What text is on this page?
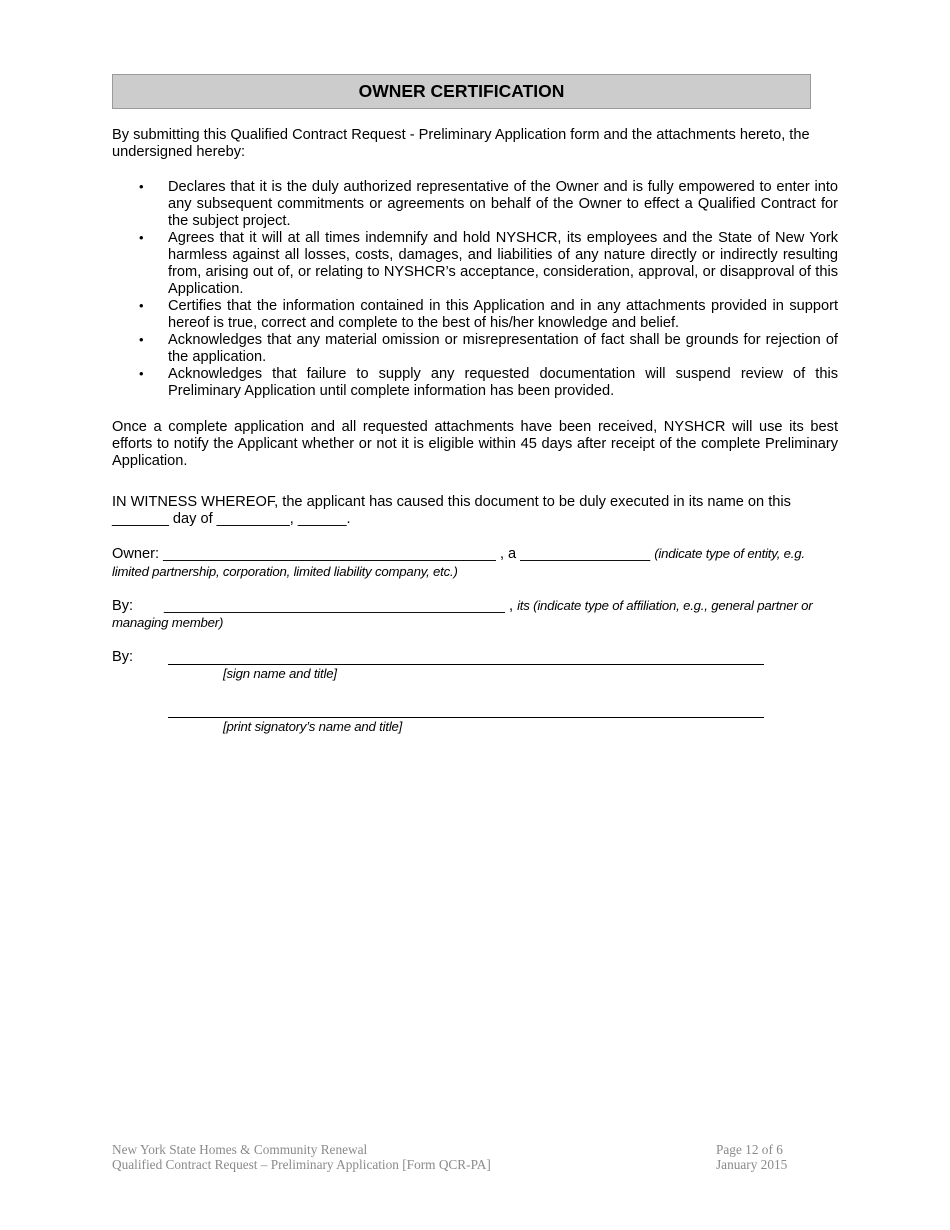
OWNER CERTIFICATION
By submitting this Qualified Contract Request - Preliminary Application form and the attachments hereto, the undersigned hereby:
• Declares that it is the duly authorized representative of the Owner and is fully empowered to enter into any subsequent commitments or agreements on behalf of the Owner to effect a Qualified Contract for the subject project.
• Agrees that it will at all times indemnify and hold NYSHCR, its employees and the State of New York harmless against all losses, costs, damages, and liabilities of any nature directly or indirectly resulting from, arising out of, or relating to NYSHCR’s acceptance, consideration, approval, or disapproval of this Application.
• Certifies that the information contained in this Application and in any attachments provided in support hereof is true, correct and complete to the best of his/her knowledge and belief.
• Acknowledges that any material omission or misrepresentation of fact shall be grounds for rejection of the application.
• Acknowledges that failure to supply any requested documentation will suspend review of this Preliminary Application until complete information has been provided.
Once a complete application and all requested attachments have been received, NYSHCR will use its best efforts to notify the Applicant whether or not it is eligible within 45 days after receipt of the complete Preliminary Application.
IN WITNESS WHEREOF, the applicant has caused this document to be duly executed in its name on this
_______ day of _________, ______.
Owner: _________________________________________ , a ________________ (indicate type of entity, e.g.
limited partnership, corporation, limited liability company, etc.)
By: __________________________________________ , its (indicate type of affiliation, e.g., general partner or
managing member)
By:
[sign name and title]
[print signatory’s name and title]
New York State Homes & Community Renewal
Qualified Contract Request – Preliminary Application [Form QCR-PA]
Page 12 of 6
January 2015
